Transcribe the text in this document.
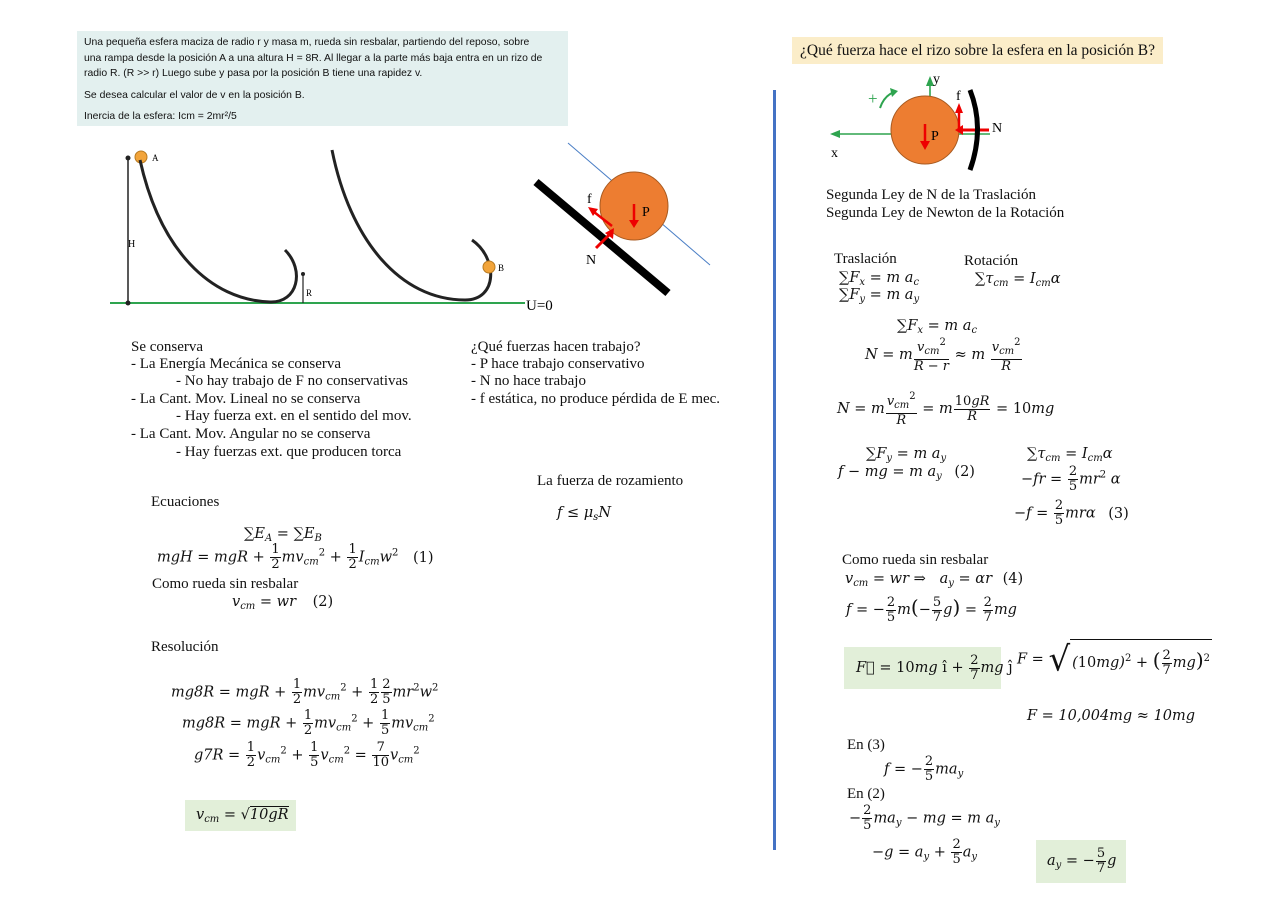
Una pequeña esfera maciza de radio r y masa m, rueda sin resbalar, partiendo del reposo, sobre

una rampa desde la posición A a una altura H = 8R. Al llegar a la parte más baja entra en un rizo de

radio R. (R >> r) Luego sube y pasa por la posición B tiene una rapidez v.

Se desea calcular el valor de v en la posición B.

Inercia de la esfera: Icm = 2mr²/5

A
H
R
B
U=0
P
f
N
Se conserva
- La Energía Mecánica se conserva
- No hay trabajo de F no conservativas
- La Cant. Mov. Lineal no se conserva
- Hay fuerza ext. en el sentido del mov.
- La Cant. Mov. Angular no se conserva
- Hay fuerzas ext. que producen torca
¿Qué fuerzas hacen trabajo?
- P hace trabajo conservativo
- N no hace trabajo
- f estática, no produce pérdida de E mec.
La fuerza de rozamiento
$f \le \mu_sN$
Ecuaciones
$\sum E_A = \sum E_B$
mgH = mgR + $\frac{1}{2} mv_{cm}^2 + \frac{1}{2} I_{cm}w^2$ (1)
Como rueda sin resbalar
$v_{cm}$ = wr (2)
Resolución
mg8R = mgR + $\frac{1}{2} mv_{cm}^2 + \frac{1}{2} \frac{2}{5} mr^2w^2$
mg8R = mgR + $\frac{1}{2} mv_{cm}^2 + \frac{1}{5} mv_{cm}^2$
$g7R = \frac{1}{2} v_{cm}^2 + \frac{1}{5} v_{cm}^2 = \frac{7}{10} v_{cm}^2$
$v_{cm} = √10gR$
¿Qué fuerza hace el rizo sobre la esfera en la posición B?
y
x
+
P
N
f
Segunda Ley de N de la Traslación
Segunda Ley de Newton de la Rotación
Traslación	Rotación
$\sum F_x = m$ $a_c$
$\sum F_y = m$ $a_y$
$\sum\tau_{cm} = I_{cm}\alpha$
$\sum F_x = m$ $a_c$
N = m $\frac{v_{cm}^2}{R - r} \approx m \frac{v_{cm}^2}{R}$
N = m $\frac{v_{cm}^2}{R} = m \frac{10gR}{R} = 10mg$
$\sum F_y = m$ $a_y$
f − mg = m $a_y$ (2)
$\sum\tau_{cm} = I_{cm}\alpha$
$-fr = \frac{2}{5} mr^2$ α
$-f = \frac{2}{5}$ mrα (3)
Como rueda sin resbalar
$v_{cm}$ = wr ⇒   $a_y = \alpha r$ (4)
f = − $\frac{2}{5} m(- \frac{5}{7} g) = \frac{2}{7}$ mg
F⃗ = 10mg î + $\frac{2}{7}$ mg ĵ
F = √ $(10mg)^2$ + ( $\frac{2}{7} mg)^2$
F = 10,004mg ≈ 10mg
En (3)
f = − $\frac{2}{5} ma_y$
En (2)
− $\frac{2}{5} ma_y$ − mg = m $a_y$
$-g = a_y + \frac{2}{5} a_y$	$a_y$ = − $\frac{5}{7}$ g
